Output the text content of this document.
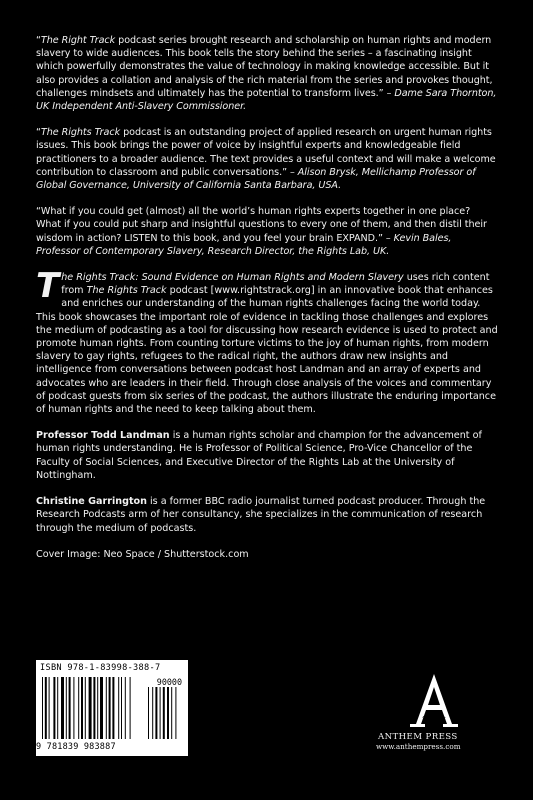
“The Right Track podcast series brought research and scholarship on human rights and modern slavery to wide audiences. This book tells the story behind the series – a fascinating insight which powerfully demonstrates the value of technology in making knowledge accessible. But it also provides a collation and analysis of the rich material from the series and provokes thought, challenges mindsets and ultimately has the potential to transform lives.” – Dame Sara Thornton, UK Independent Anti-Slavery Commissioner.

“The Rights Track podcast is an outstanding project of applied research on urgent human rights issues. This book brings the power of voice by insightful experts and knowledgeable field practitioners to a broader audience. The text provides a useful context and will make a welcome contribution to classroom and public conversations.” – Alison Brysk, Mellichamp Professor of Global Governance, University of California Santa Barbara, USA.

“What if you could get (almost) all the world’s human rights experts together in one place? What if you could put sharp and insightful questions to every one of them, and then distil their wisdom in action? LISTEN to this book, and you feel your brain EXPAND.” – Kevin Bales, Professor of Contemporary Slavery, Research Director, the Rights Lab, UK.

The Rights Track: Sound Evidence on Human Rights and Modern Slavery uses rich content from The Rights Track podcast [www.rightstrack.org] in an innovative book that enhances and enriches our understanding of the human rights challenges facing the world today. This book showcases the important role of evidence in tackling those challenges and explores the medium of podcasting as a tool for discussing how research evidence is used to protect and promote human rights. From counting torture victims to the joy of human rights, from modern slavery to gay rights, refugees to the radical right, the authors draw new insights and intelligence from conversations between podcast host Landman and an array of experts and advocates who are leaders in their field. Through close analysis of the voices and commentary of podcast guests from six series of the podcast, the authors illustrate the enduring importance of human rights and the need to keep talking about them.

Professor Todd Landman is a human rights scholar and champion for the advancement of human rights understanding. He is Professor of Political Science, Pro-Vice Chancellor of the Faculty of Social Sciences, and Executive Director of the Rights Lab at the University of Nottingham.

Christine Garrington is a former BBC radio journalist turned podcast producer. Through the Research Podcasts arm of her consultancy, she specializes in the communication of research through the medium of podcasts.

Cover Image: Neo Space / Shutterstock.com

ISBN 978-1-83998-388-7
90000
9 781839 983887
ANTHEM PRESS
www.anthempress.com
